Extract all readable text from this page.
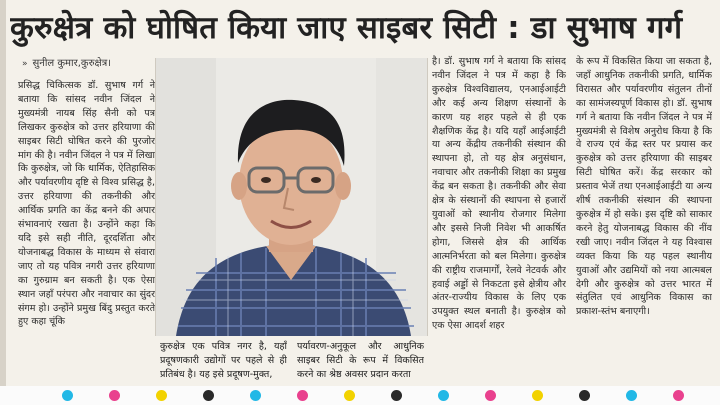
कुरुक्षेत्र को घोषित किया जाए साइबर सिटी : डा सुभाष गर्ग
» सुनील कुमार,कुरुक्षेत्र।
प्रसिद्ध चिकित्सक डॉ. सुभाष गर्ग ने बताया कि सांसद नवीन जिंदल ने मुख्यमंत्री नायब सिंह सैनी को पत्र लिखकर कुरुक्षेत्र को उत्तर हरियाणा की साइबर सिटी घोषित करने की पुरजोर मांग की है। नवीन जिंदल ने पत्र में लिखा कि कुरुक्षेत्र, जो कि धार्मिक, ऐतिहासिक और पर्यावरणीय दृष्टि से विश्व प्रसिद्ध है, उत्तर हरियाणा की तकनीकी और आर्थिक प्रगति का केंद्र बनने की अपार संभावनाएं रखता है। उन्होंने कहा कि यदि इसे सही नीति, दूरदर्शिता और योजनाबद्ध विकास के माध्यम से संवारा जाए तो यह पवित्र नगरी उत्तर हरियाणा का गुरुग्राम बन सकती है। एक ऐसा स्थान जहाँ परंपरा और नवाचार का सुंदर संगम हो। उन्होंने प्रमुख बिंदु प्रस्तुत करते हुए कहा चूंकि
कुरुक्षेत्र एक पवित्र नगर है, यहाँ प्रदूषणकारी उद्योगों पर पहले से ही प्रतिबंध है। यह इसे प्रदूषण-मुक्त,
पर्यावरण-अनुकूल और आधुनिक साइबर सिटी के रूप में विकसित करने का श्रेष्ठ अवसर प्रदान करता
है। डॉ. सुभाष गर्ग ने बताया कि सांसद नवीन जिंदल ने पत्र में कहा है कि कुरुक्षेत्र विश्वविद्यालय, एनआईआईटी और कई अन्य शिक्षण संस्थानों के कारण यह शहर पहले से ही एक शैक्षणिक केंद्र है। यदि यहाँ आईआईटी या अन्य केंद्रीय तकनीकी संस्थान की स्थापना हो, तो यह क्षेत्र अनुसंधान, नवाचार और तकनीकी शिक्षा का प्रमुख केंद्र बन सकता है। तकनीकी और सेवा क्षेत्र के संस्थानों की स्थापना से हजारों युवाओं को स्थानीय रोजगार मिलेगा और इससे निजी निवेश भी आकर्षित होगा, जिससे क्षेत्र की आर्थिक आत्मनिर्भरता को बल मिलेगा। कुरुक्षेत्र की राष्ट्रीय राजमार्गों, रेलवे नेटवर्क और हवाई अड्डों से निकटता इसे क्षेत्रीय और अंतर-राज्यीय विकास के लिए एक उपयुक्त स्थल बनाती है। कुरुक्षेत्र को एक ऐसा आदर्श शहर
के रूप में विकसित किया जा सकता है, जहाँ आधुनिक तकनीकी प्रगति, धार्मिक विरासत और पर्यावरणीय संतुलन तीनों का सामंजस्यपूर्ण विकास हो। डॉ. सुभाष गर्ग ने बताया कि नवीन जिंदल ने पत्र में मुख्यमंत्री से विशेष अनुरोध किया है कि वे राज्य एवं केंद्र स्तर पर प्रयास कर कुरुक्षेत्र को उत्तर हरियाणा की साइबर सिटी घोषित करें। केंद्र सरकार को प्रस्ताव भेजें तथा एनआईआईटी या अन्य शीर्ष तकनीकी संस्थान की स्थापना कुरुक्षेत्र में हो सके। इस दृष्टि को साकार करने हेतु योजनाबद्ध विकास की नींव रखी जाए। नवीन जिंदल ने यह विश्वास व्यक्त किया कि यह पहल स्थानीय युवाओं और उद्यमियों को नया आत्मबल देगी और कुरुक्षेत्र को उत्तर भारत में संतुलित एवं आधुनिक विकास का प्रकाश-स्तंभ बनाएगी।
